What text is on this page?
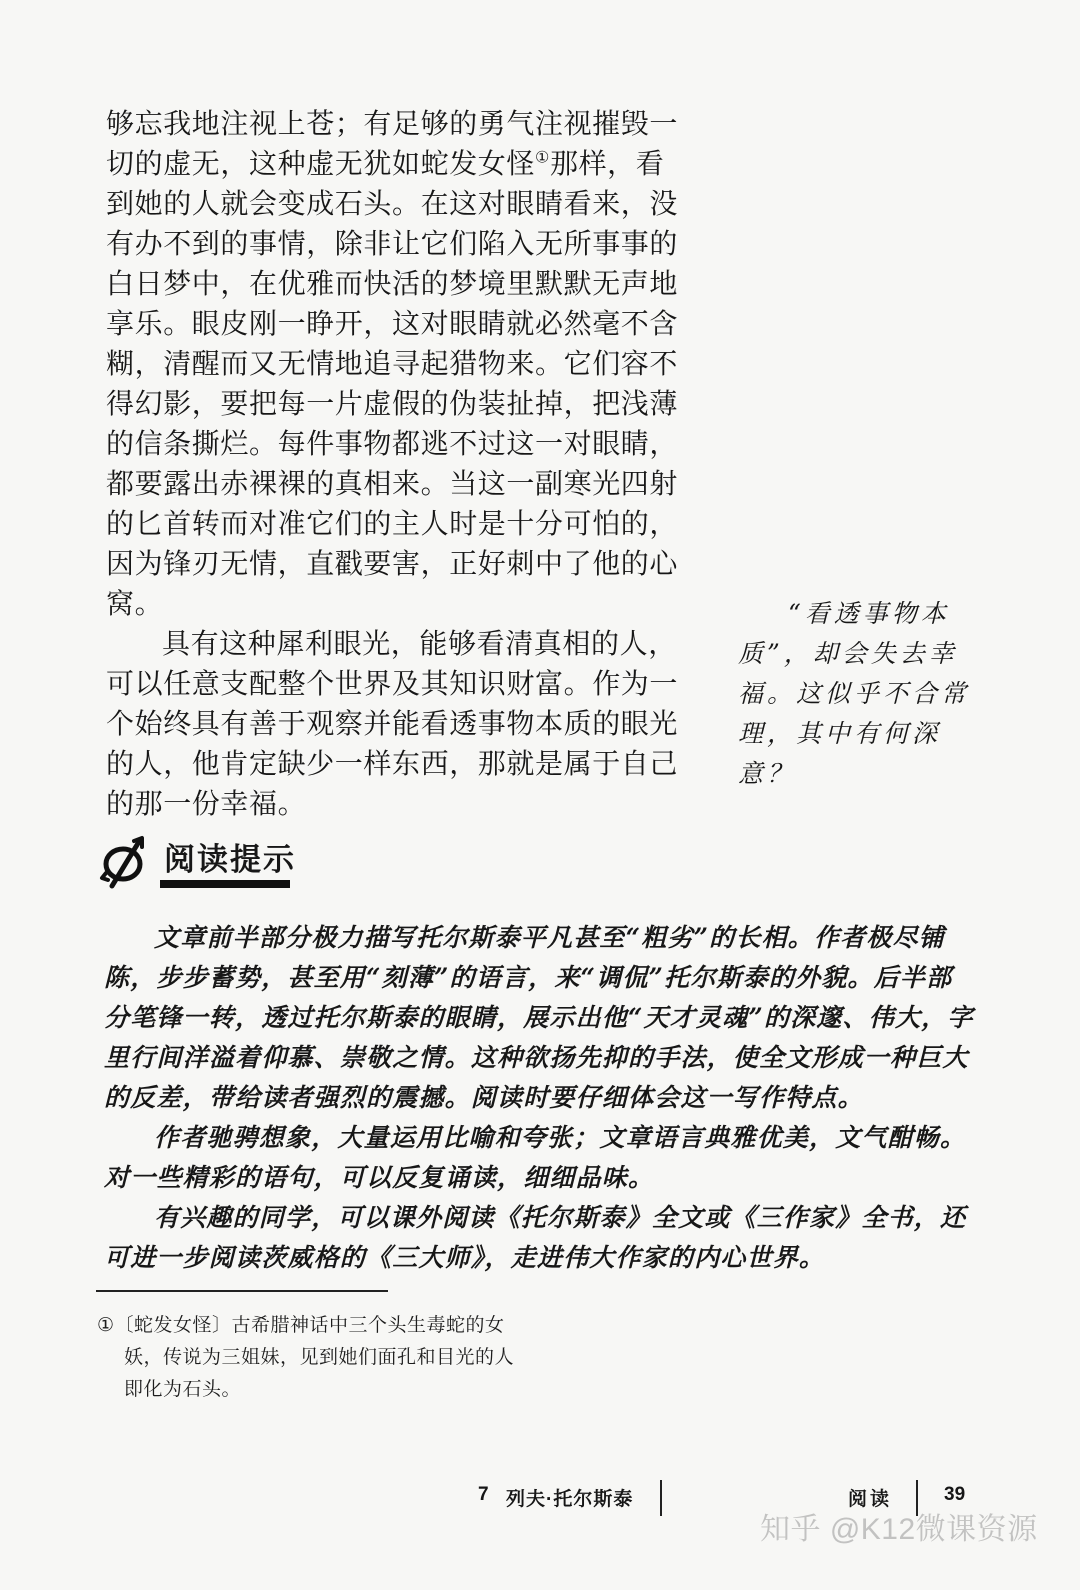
够忘我地注视上苍；有足够的勇气注视摧毁一切的虚无，这种虚无犹如蛇发女怪①那样，看到她的人就会变成石头。在这对眼睛看来，没有办不到的事情，除非让它们陷入无所事事的白日梦中，在优雅而快活的梦境里默默无声地享乐。眼皮刚一睁开，这对眼睛就必然毫不含糊，清醒而又无情地追寻起猎物来。它们容不得幻影，要把每一片虚假的伪装扯掉，把浅薄的信条撕烂。每件事物都逃不过这一对眼睛，都要露出赤裸裸的真相来。当这一副寒光四射的匕首转而对准它们的主人时是十分可怕的，因为锋刃无情，直戳要害，正好刺中了他的心窝。

具有这种犀利眼光，能够看清真相的人，可以任意支配整个世界及其知识财富。作为一个始终具有善于观察并能看透事物本质的眼光的人，他肯定缺少一样东西，那就是属于自己的那一份幸福。

“看透事物本
质”，却会失去幸福。这似乎不合常理，其中有何深意？
阅读提示

文章前半部分极力描写托尔斯泰平凡甚至“粗劣”的长相。作者极尽铺陈，步步蓄势，甚至用“刻薄”的语言，来“调侃”托尔斯泰的外貌。后半部分笔锋一转，透过托尔斯泰的眼睛，展示出他“天才灵魂”的深邃、伟大，字里行间洋溢着仰慕、崇敬之情。这种欲扬先抑的手法，使全文形成一种巨大的反差，带给读者强烈的震撼。阅读时要仔细体会这一写作特点。

作者驰骋想象，大量运用比喻和夸张；文章语言典雅优美，文气酣畅。对一些精彩的语句，可以反复诵读，细细品味。

有兴趣的同学，可以课外阅读《托尔斯泰》全文或《三作家》全书，还可进一步阅读茨威格的《三大师》，走进伟大作家的内心世界。

①〔蛇发女怪〕古希腊神话中三个头生毒蛇的女
妖，传说为三姐妹，见到她们面孔和目光的人
即化为石头。
7 列夫·托尔斯泰	阅读	39
知乎 @K12微课资源
